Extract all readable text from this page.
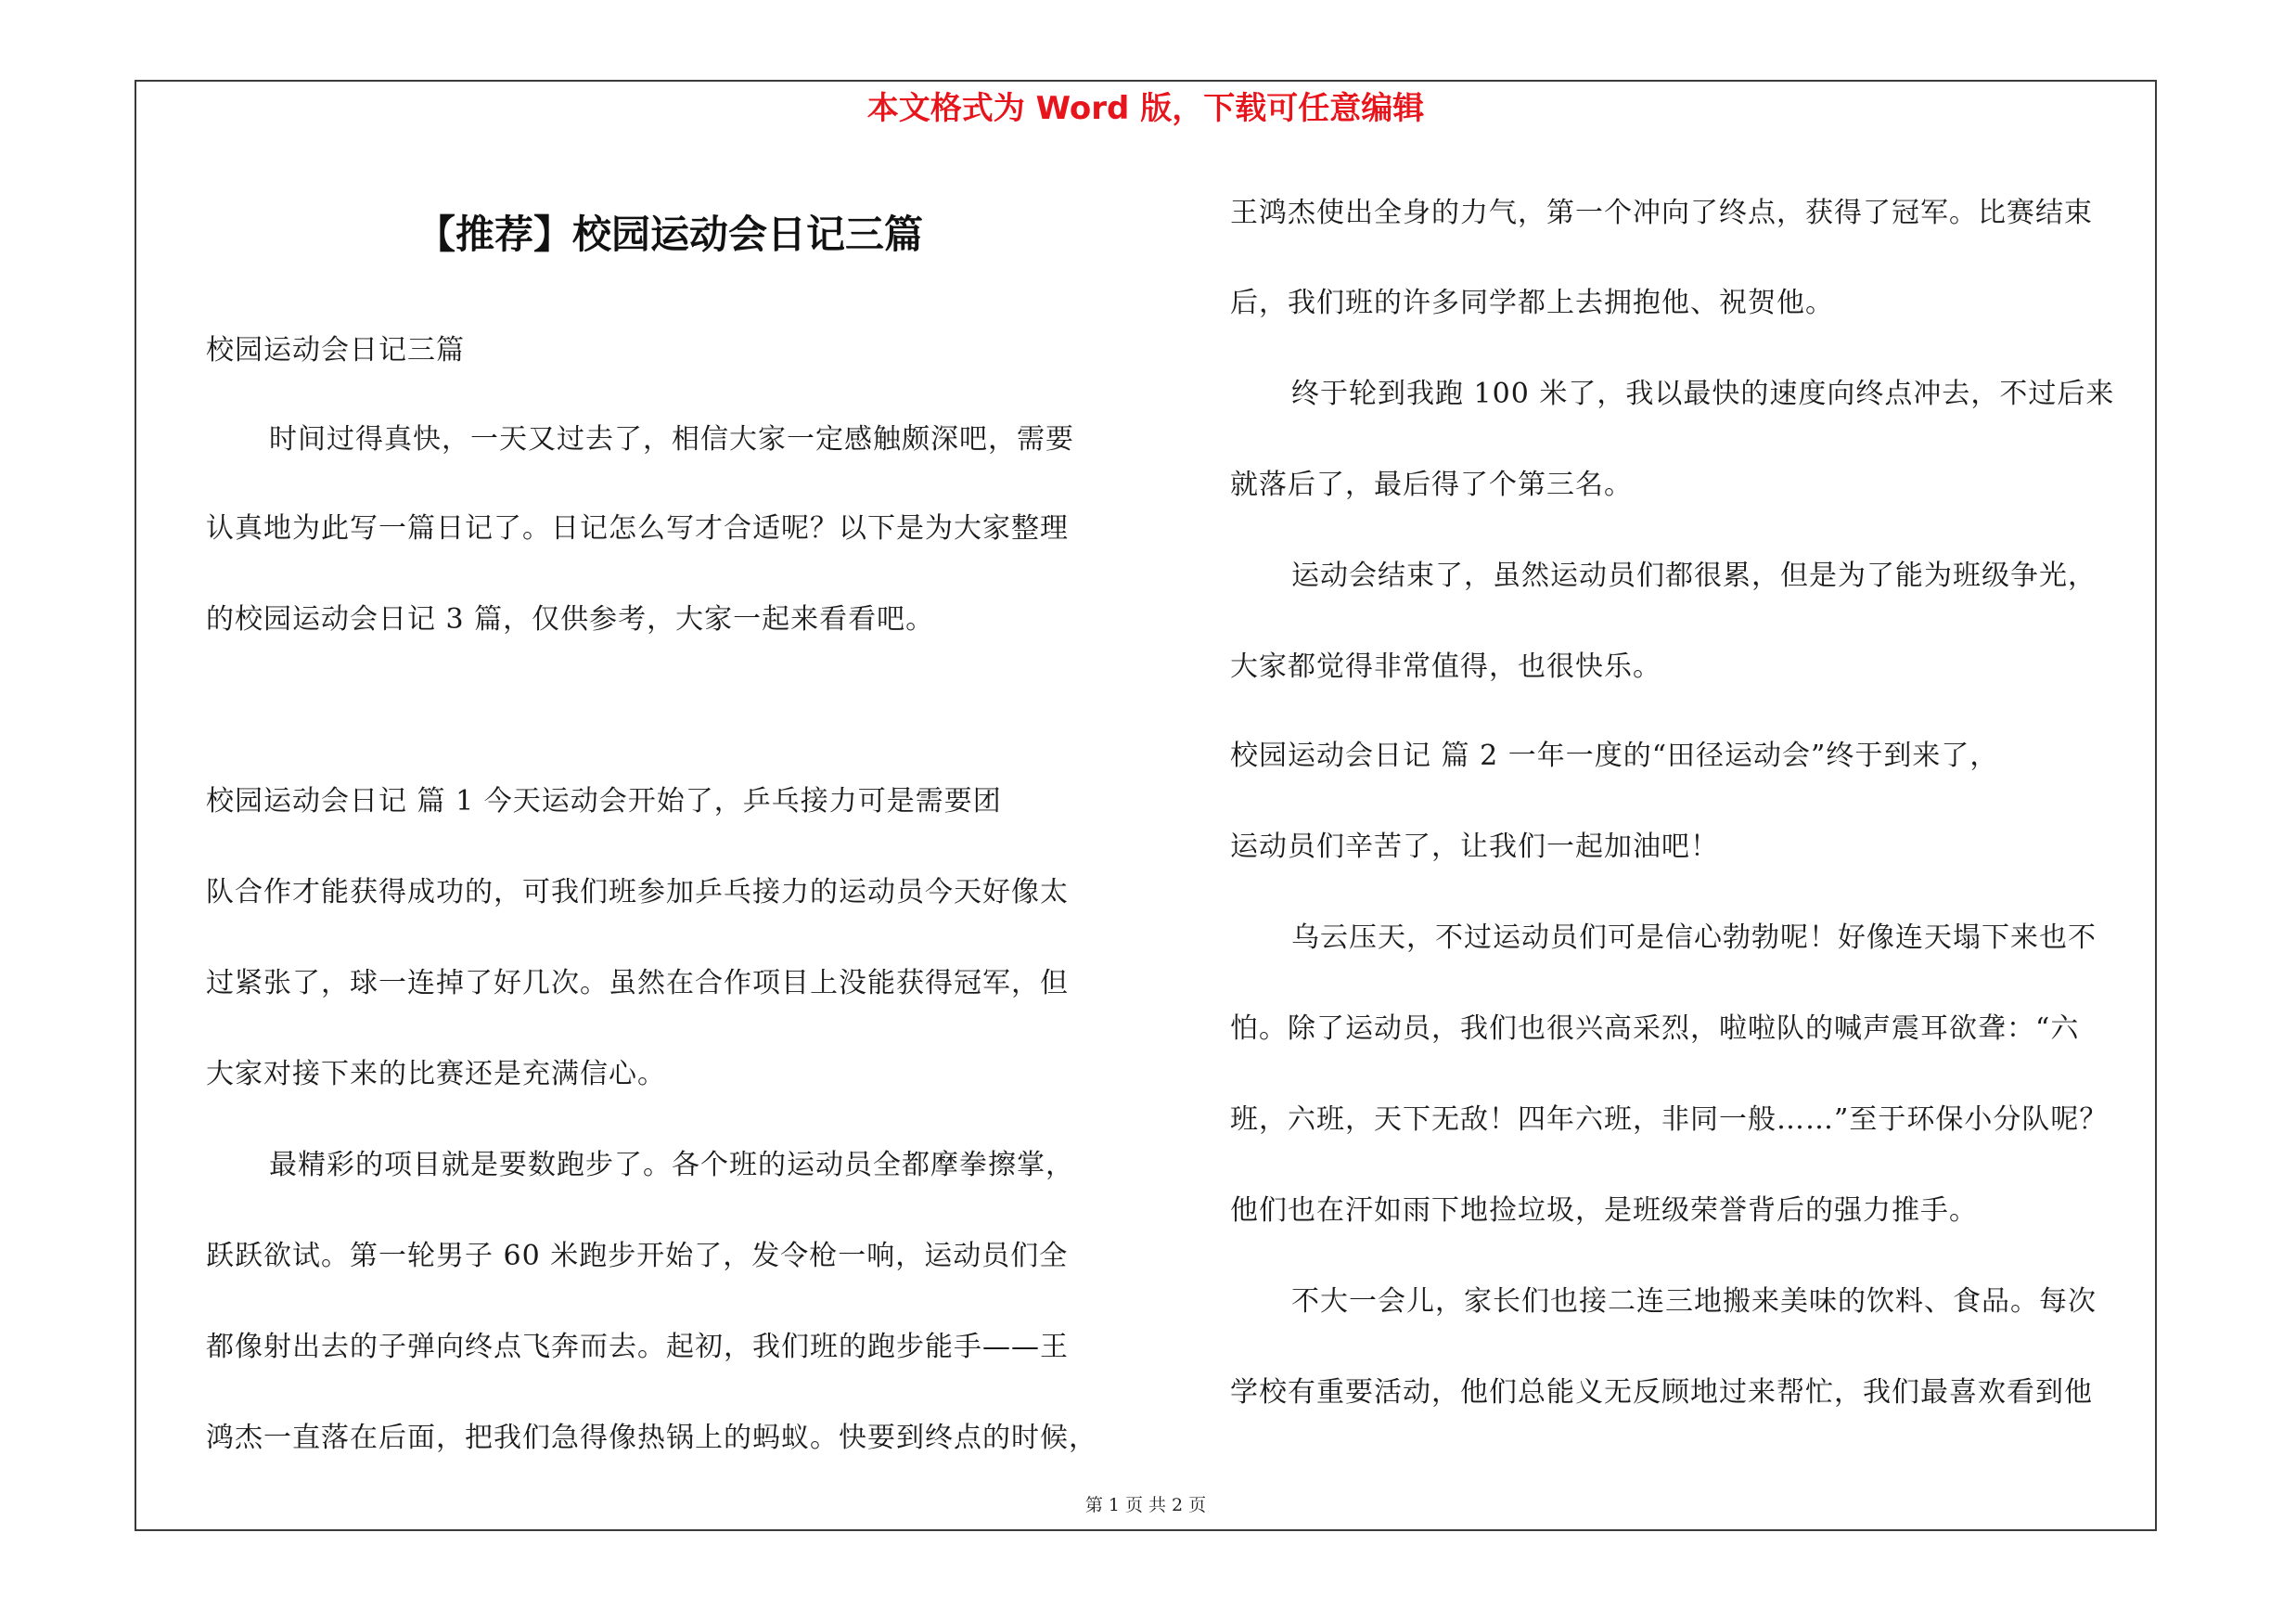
本文格式为 Word 版，下载可任意编辑
【推荐】校园运动会日记三篇
校园运动会日记三篇
时间过得真快，一天又过去了，相信大家一定感触颇深吧，需要
认真地为此写一篇日记了。日记怎么写才合适呢？以下是为大家整理
的校园运动会日记 3 篇，仅供参考，大家一起来看看吧。
校园运动会日记 篇 1 今天运动会开始了，乒乓接力可是需要团
队合作才能获得成功的，可我们班参加乒乓接力的运动员今天好像太
过紧张了，球一连掉了好几次。虽然在合作项目上没能获得冠军，但
大家对接下来的比赛还是充满信心。
最精彩的项目就是要数跑步了。各个班的运动员全都摩拳擦掌，
跃跃欲试。第一轮男子 60 米跑步开始了，发令枪一响，运动员们全
都像射出去的子弹向终点飞奔而去。起初，我们班的跑步能手——王
鸿杰一直落在后面，把我们急得像热锅上的蚂蚁。快要到终点的时候，
王鸿杰使出全身的力气，第一个冲向了终点，获得了冠军。比赛结束
后，我们班的许多同学都上去拥抱他、祝贺他。
终于轮到我跑 100 米了，我以最快的速度向终点冲去，不过后来
就落后了，最后得了个第三名。
运动会结束了，虽然运动员们都很累，但是为了能为班级争光，
大家都觉得非常值得，也很快乐。
校园运动会日记 篇 2 一年一度的“田径运动会”终于到来了，
运动员们辛苦了，让我们一起加油吧！
乌云压天，不过运动员们可是信心勃勃呢！好像连天塌下来也不
怕。除了运动员，我们也很兴高采烈，啦啦队的喊声震耳欲聋：“六
班，六班，天下无敌！四年六班，非同一般……”至于环保小分队呢？
他们也在汗如雨下地捡垃圾，是班级荣誉背后的强力推手。
不大一会儿，家长们也接二连三地搬来美味的饮料、食品。每次
学校有重要活动，他们总能义无反顾地过来帮忙，我们最喜欢看到他
第 1 页 共 2 页
